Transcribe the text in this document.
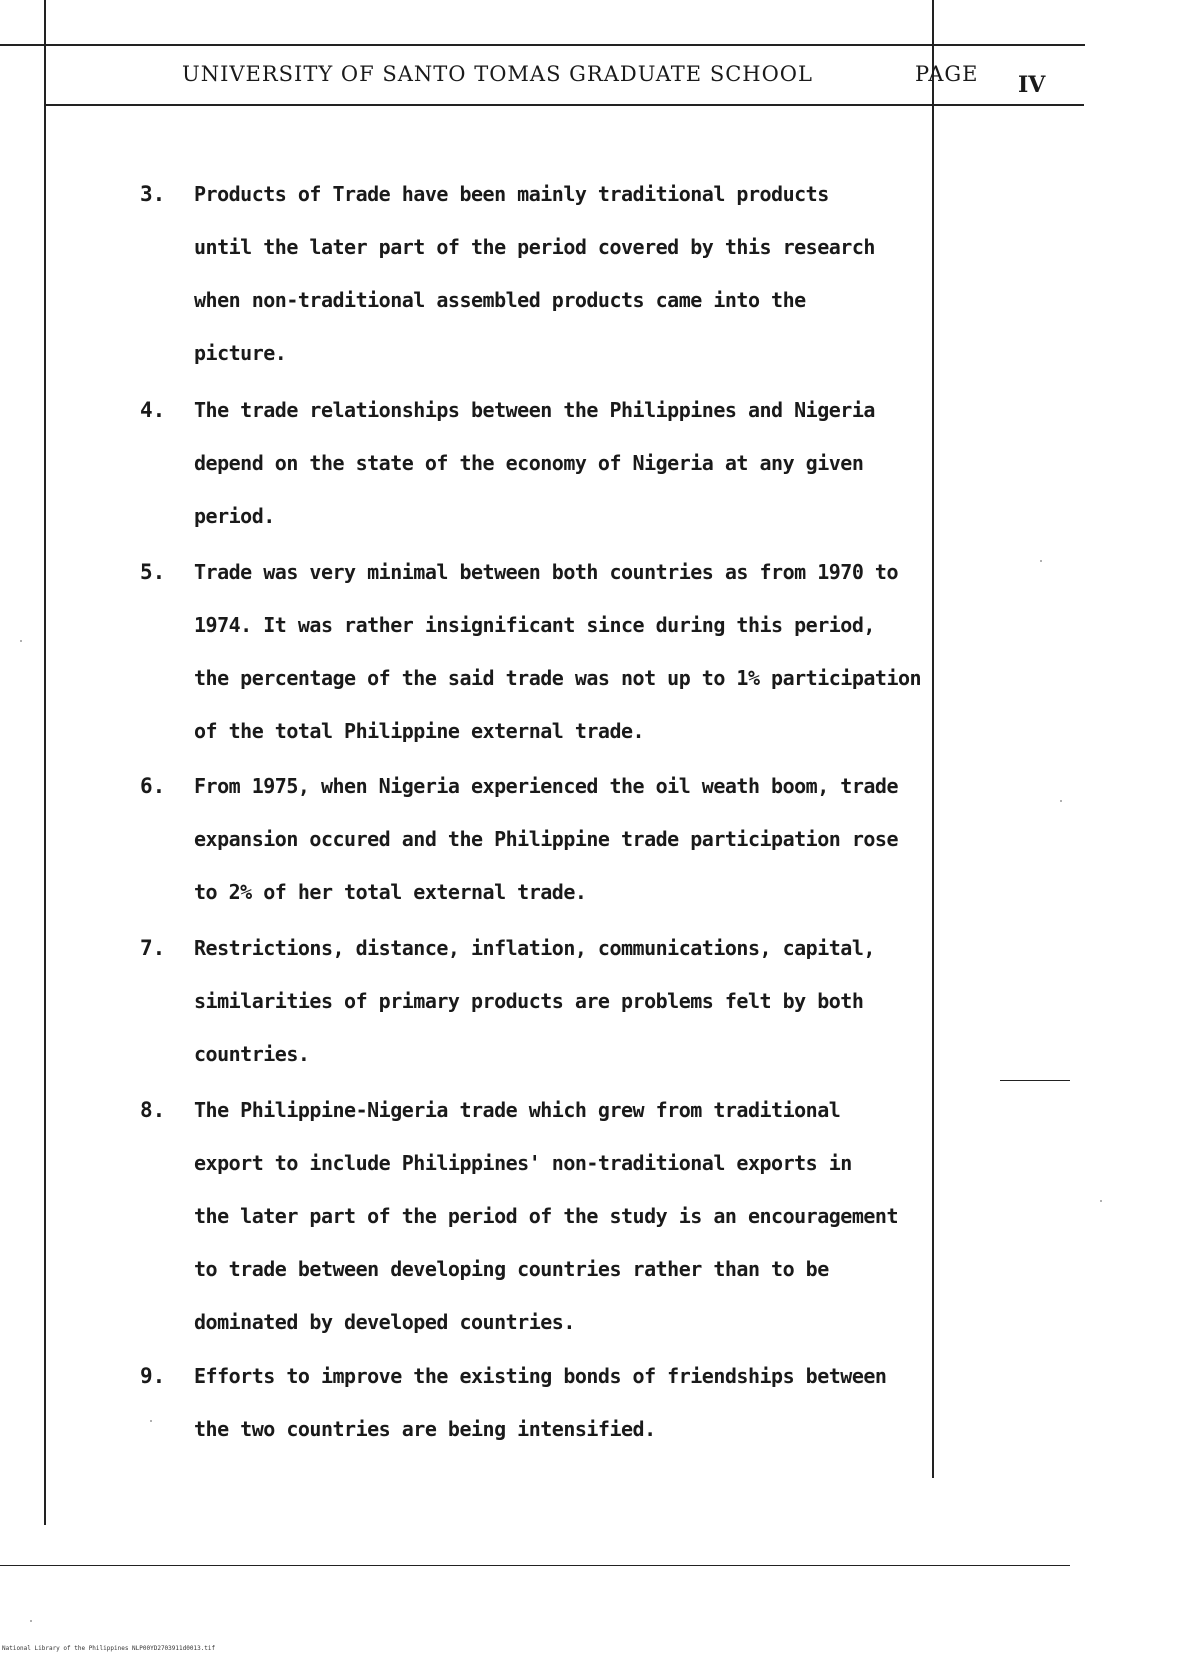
UNIVERSITY OF SANTO TOMAS GRADUATE SCHOOL	PAGE IV
3. Products of Trade have been mainly traditional products
until the later part of the period covered by this research
when non-traditional assembled products came into the
picture.
4. The trade relationships between the Philippines and Nigeria
depend on the state of the economy of Nigeria at any given
period.
5. Trade was very minimal between both countries as from 1970 to
1974. It was rather insignificant since during this period,
the percentage of the said trade was not up to 1% participation
of the total Philippine external trade.
6. From 1975, when Nigeria experienced the oil weath boom, trade
expansion occured and the Philippine trade participation rose
to 2% of her total external trade.
7. Restrictions, distance, inflation, communications, capital,
similarities of primary products are problems felt by both
countries.
8. The Philippine-Nigeria trade which grew from traditional
export to include Philippines' non-traditional exports in
the later part of the period of the study is an encouragement
to trade between developing countries rather than to be
dominated by developed countries.
9. Efforts to improve the existing bonds of friendships between
the two countries are being intensified.
National Library of the Philippines NLP00YD2703911d0013.tif
